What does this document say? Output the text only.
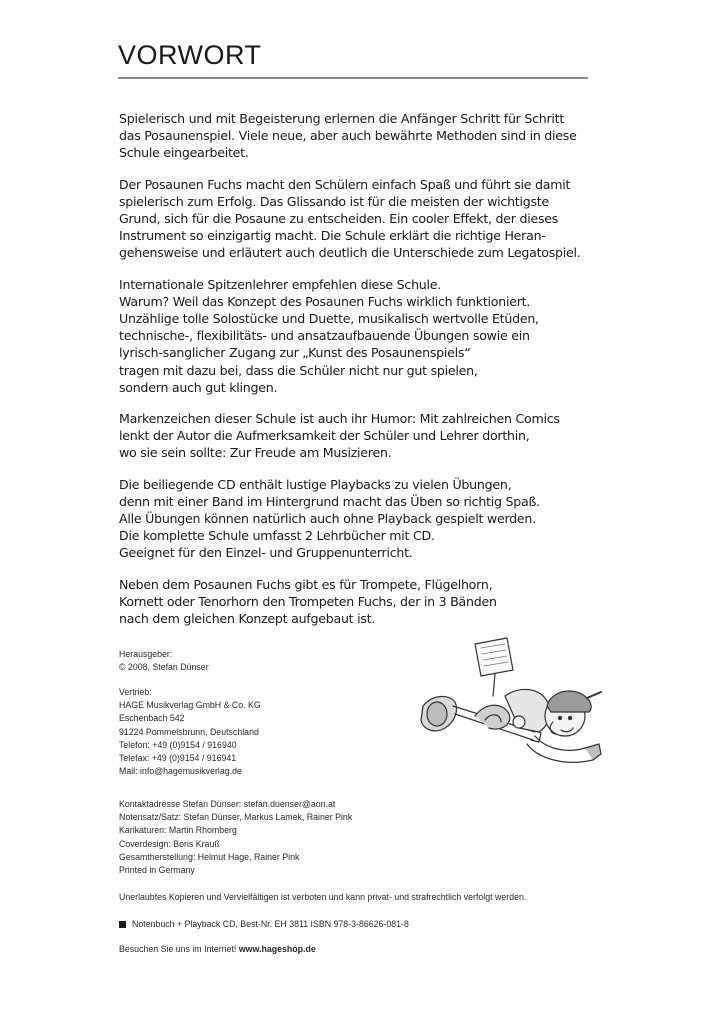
VORWORT

Spielerisch und mit Begeisterung erlernen die Anfänger Schritt für Schritt
das Posaunenspiel. Viele neue, aber auch bewährte Methoden sind in diese
Schule eingearbeitet.

Der Posaunen Fuchs macht den Schülern einfach Spaß und führt sie damit
spielerisch zum Erfolg. Das Glissando ist für die meisten der wichtigste
Grund, sich für die Posaune zu entscheiden. Ein cooler Effekt, der dieses
Instrument so einzigartig macht. Die Schule erklärt die richtige Heran-
gehensweise und erläutert auch deutlich die Unterschiede zum Legatospiel.

Internationale Spitzenlehrer empfehlen diese Schule.
Warum? Weil das Konzept des Posaunen Fuchs wirklich funktioniert.
Unzählige tolle Solostücke und Duette, musikalisch wertvolle Etüden,
technische-, flexibilitäts- und ansatzaufbauende Übungen sowie ein
lyrisch-sanglicher Zugang zur „Kunst des Posaunenspiels“
tragen mit dazu bei, dass die Schüler nicht nur gut spielen,
sondern auch gut klingen.

Markenzeichen dieser Schule ist auch ihr Humor: Mit zahlreichen Comics
lenkt der Autor die Aufmerksamkeit der Schüler und Lehrer dorthin,
wo sie sein sollte: Zur Freude am Musizieren.

Die beiliegende CD enthält lustige Playbacks zu vielen Übungen,
denn mit einer Band im Hintergrund macht das Üben so richtig Spaß.
Alle Übungen können natürlich auch ohne Playback gespielt werden.
Die komplette Schule umfasst 2 Lehrbücher mit CD.
Geeignet für den Einzel- und Gruppenunterricht.

Neben dem Posaunen Fuchs gibt es für Trompete, Flügelhorn,
Kornett oder Tenorhorn den Trompeten Fuchs, der in 3 Bänden
nach dem gleichen Konzept aufgebaut ist.

Herausgeber:
© 2008, Stefan Dünser
Vertrieb:
HAGE Musikverlag GmbH & Co. KG
Eschenbach 542
91224 Pommelsbrunn, Deutschland
Telefon: +49 (0)9154 / 916940
Telefax: +49 (0)9154 / 916941
Mail: info@hagemusikverlag.de
Kontaktadresse Stefan Dünser: stefan.duenser@aon.at
Notensatz/Satz: Stefan Dünser, Markus Lamek, Rainer Pink
Karikaturen: Martin Rhomberg
Coverdesign: Boris Krauß
Gesamtherstellung: Helmut Hage, Rainer Pink
Printed in Germany
Unerlaubtes Kopieren und Vervielfältigen ist verboten und kann privat- und strafrechtlich verfolgt werden.
Notenbuch + Playback CD, Best-Nr. EH 3811 ISBN 978-3-86626-081-8
Besuchen Sie uns im Internet! www.hageshop.de
